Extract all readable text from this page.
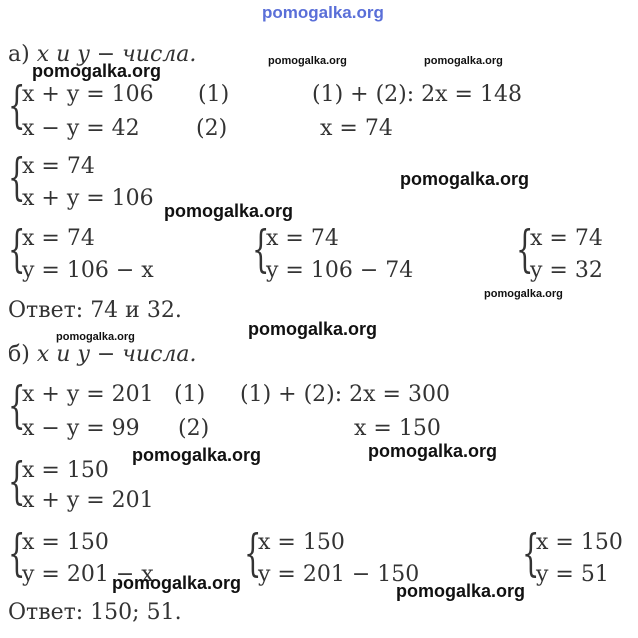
pomogalka.org
а) x и y − числа.
{
x + y = 106
x − y = 42
(1)
(2)
(1) + (2): 2x = 148
x = 74
{
x = 74
x + y = 106
{
x = 74
y = 106 − x {
x = 74
y = 106 − 74 {
x = 74
y = 32
Ответ: 74 и 32.
б) x и y − числа.
{
x + y = 201
x − y = 99
(1)
(2)
(1) + (2): 2x = 300
x = 150
{
x = 150
x + y = 201
{
x = 150
y = 201 − x {
x = 150
y = 201 − 150 {
x = 150
y = 51
Ответ: 150; 51.
pomogalka.org	pomogalka.org	pomogalka.org
pomogalka.org
pomogalka.org
pomogalka.org
pomogalka.org
pomogalka.org
pomogalka.org	pomogalka.org
pomogalka.org	pomogalka.org
